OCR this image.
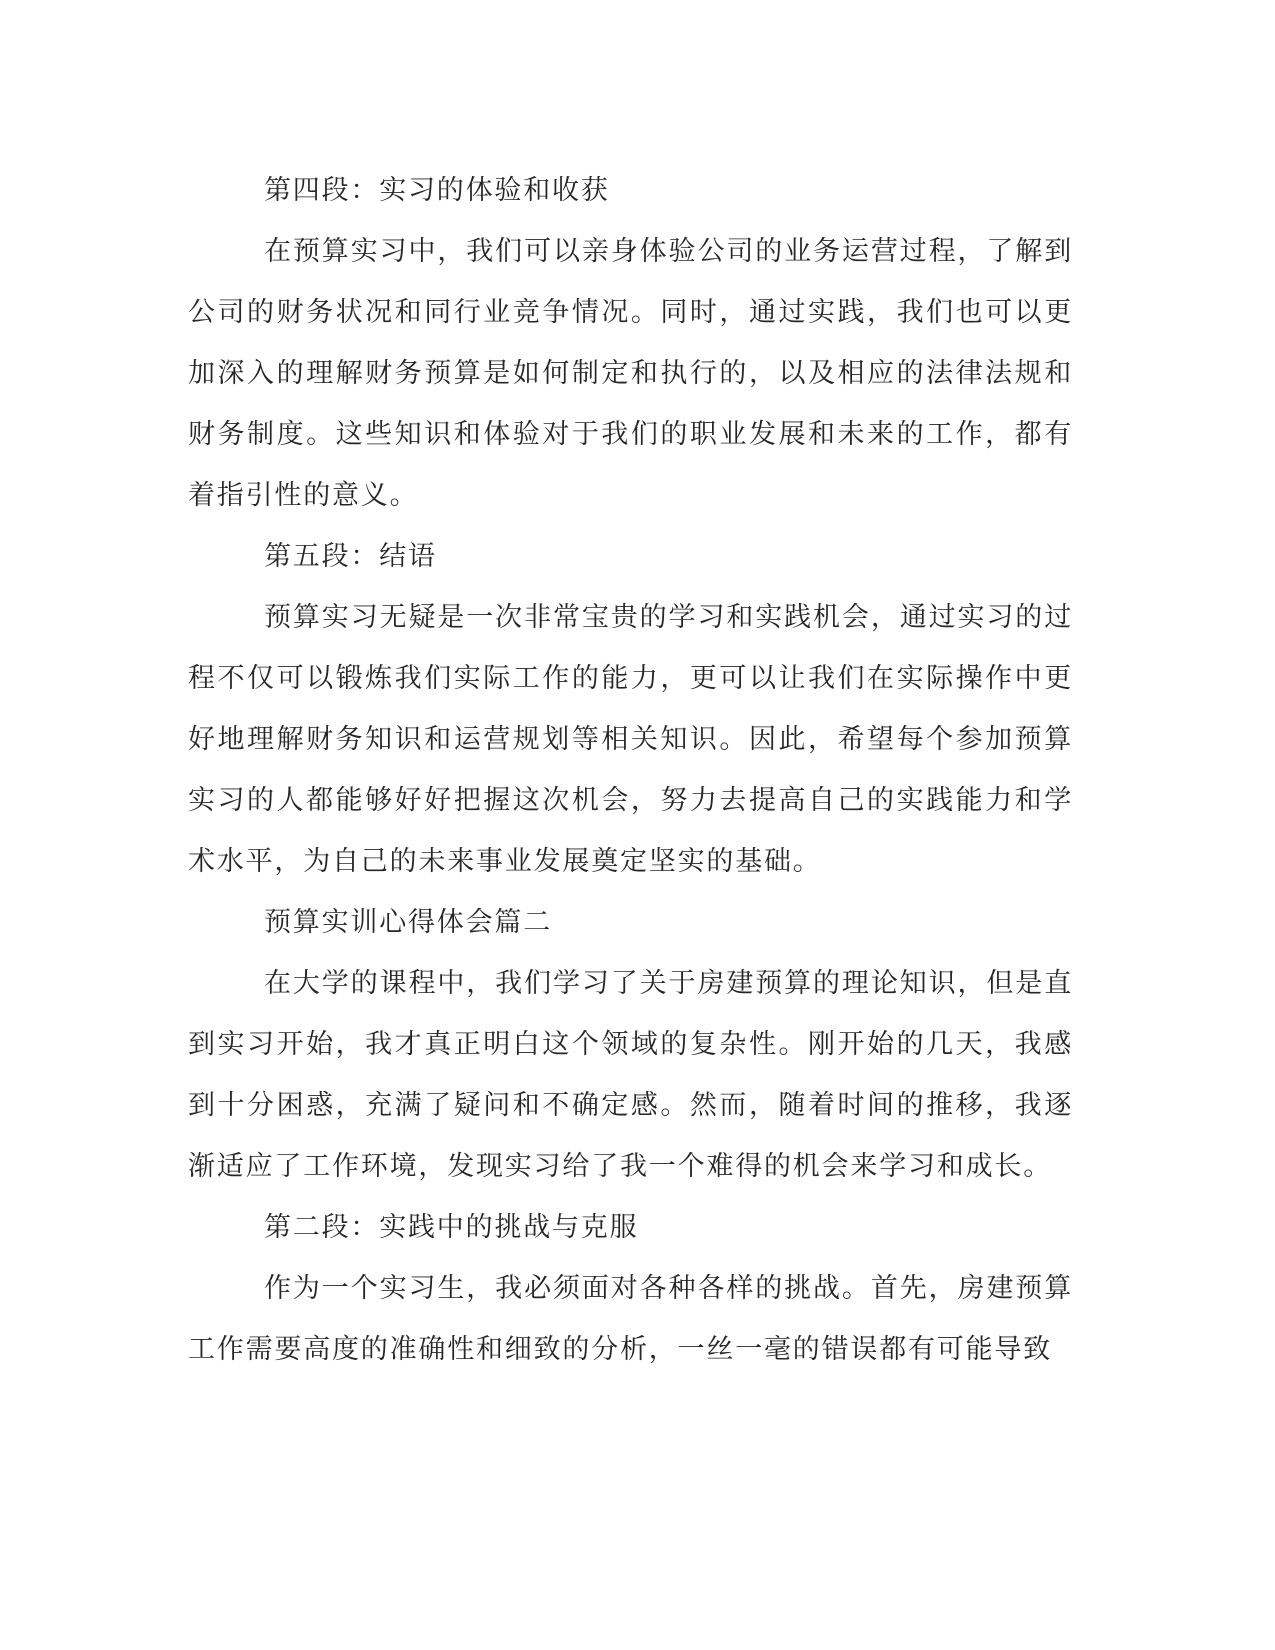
第四段：实习的体验和收获

在预算实习中，我们可以亲身体验公司的业务运营过程，了解到公司的财务状况和同行业竞争情况。同时，通过实践，我们也可以更加深入的理解财务预算是如何制定和执行的，以及相应的法律法规和财务制度。这些知识和体验对于我们的职业发展和未来的工作，都有着指引性的意义。

第五段：结语

预算实习无疑是一次非常宝贵的学习和实践机会，通过实习的过程不仅可以锻炼我们实际工作的能力，更可以让我们在实际操作中更好地理解财务知识和运营规划等相关知识。因此，希望每个参加预算实习的人都能够好好把握这次机会，努力去提高自己的实践能力和学术水平，为自己的未来事业发展奠定坚实的基础。

预算实训心得体会篇二

在大学的课程中，我们学习了关于房建预算的理论知识，但是直到实习开始，我才真正明白这个领域的复杂性。刚开始的几天，我感到十分困惑，充满了疑问和不确定感。然而，随着时间的推移，我逐渐适应了工作环境，发现实习给了我一个难得的机会来学习和成长。

第二段：实践中的挑战与克服

作为一个实习生，我必须面对各种各样的挑战。首先，房建预算工作需要高度的准确性和细致的分析，一丝一毫的错误都有可能导致
